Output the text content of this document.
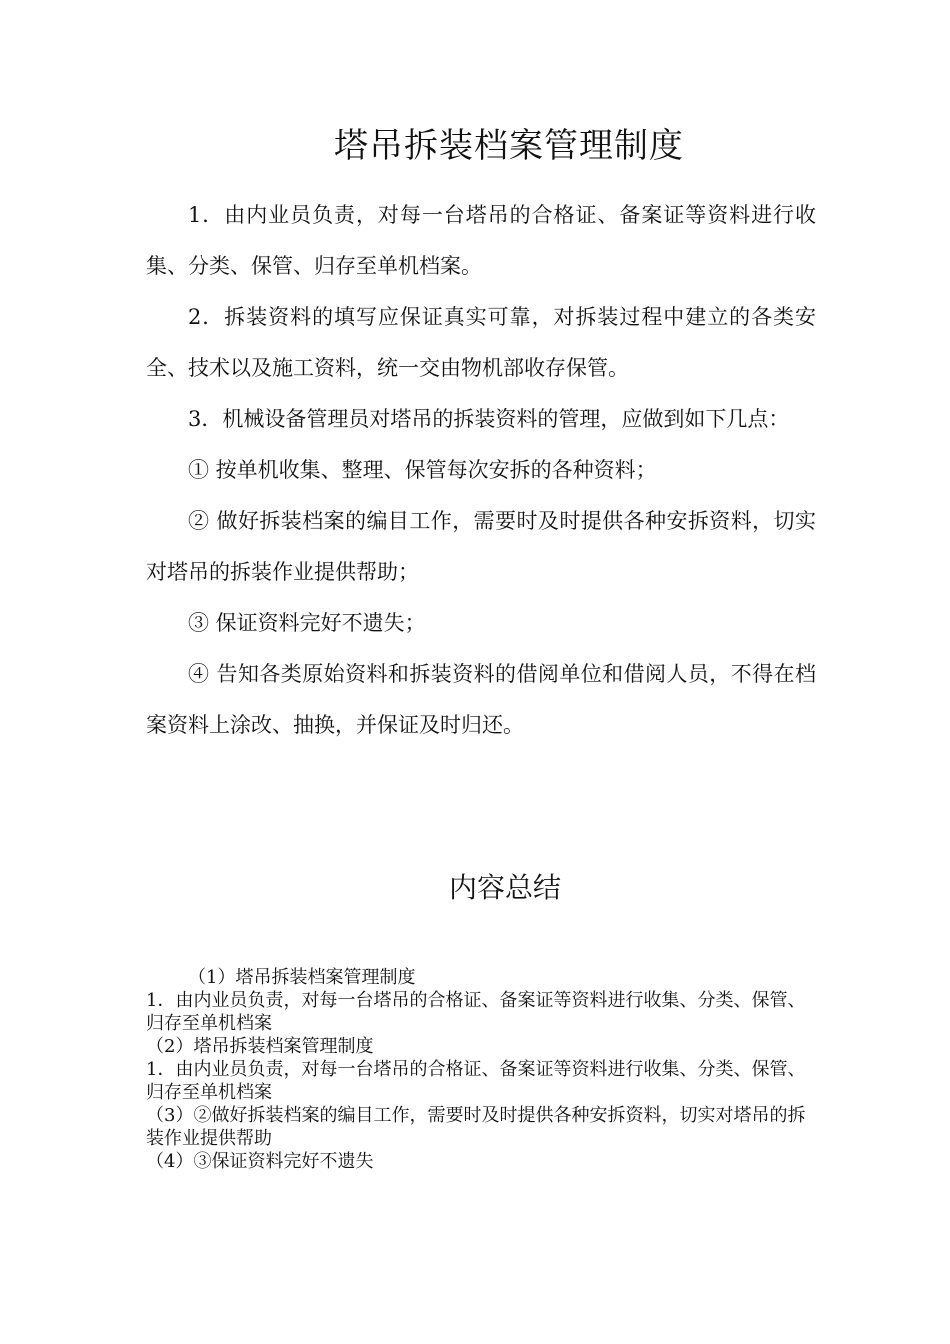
塔吊拆装档案管理制度

1．由内业员负责，对每一台塔吊的合格证、备案证等资料进行收集、分类、保管、归存至单机档案。

2．拆装资料的填写应保证真实可靠，对拆装过程中建立的各类安全、技术以及施工资料，统一交由物机部收存保管。

3．机械设备管理员对塔吊的拆装资料的管理，应做到如下几点：

① 按单机收集、整理、保管每次安拆的各种资料；

② 做好拆装档案的编目工作，需要时及时提供各种安拆资料，切实对塔吊的拆装作业提供帮助；

③ 保证资料完好不遗失；

④ 告知各类原始资料和拆装资料的借阅单位和借阅人员，不得在档案资料上涂改、抽换，并保证及时归还。

内容总结

（1）塔吊拆装档案管理制度

1．由内业员负责，对每一台塔吊的合格证、备案证等资料进行收集、分类、保管、归存至单机档案

（2）塔吊拆装档案管理制度

1．由内业员负责，对每一台塔吊的合格证、备案证等资料进行收集、分类、保管、归存至单机档案

（3）②做好拆装档案的编目工作，需要时及时提供各种安拆资料，切实对塔吊的拆装作业提供帮助

（4）③保证资料完好不遗失
